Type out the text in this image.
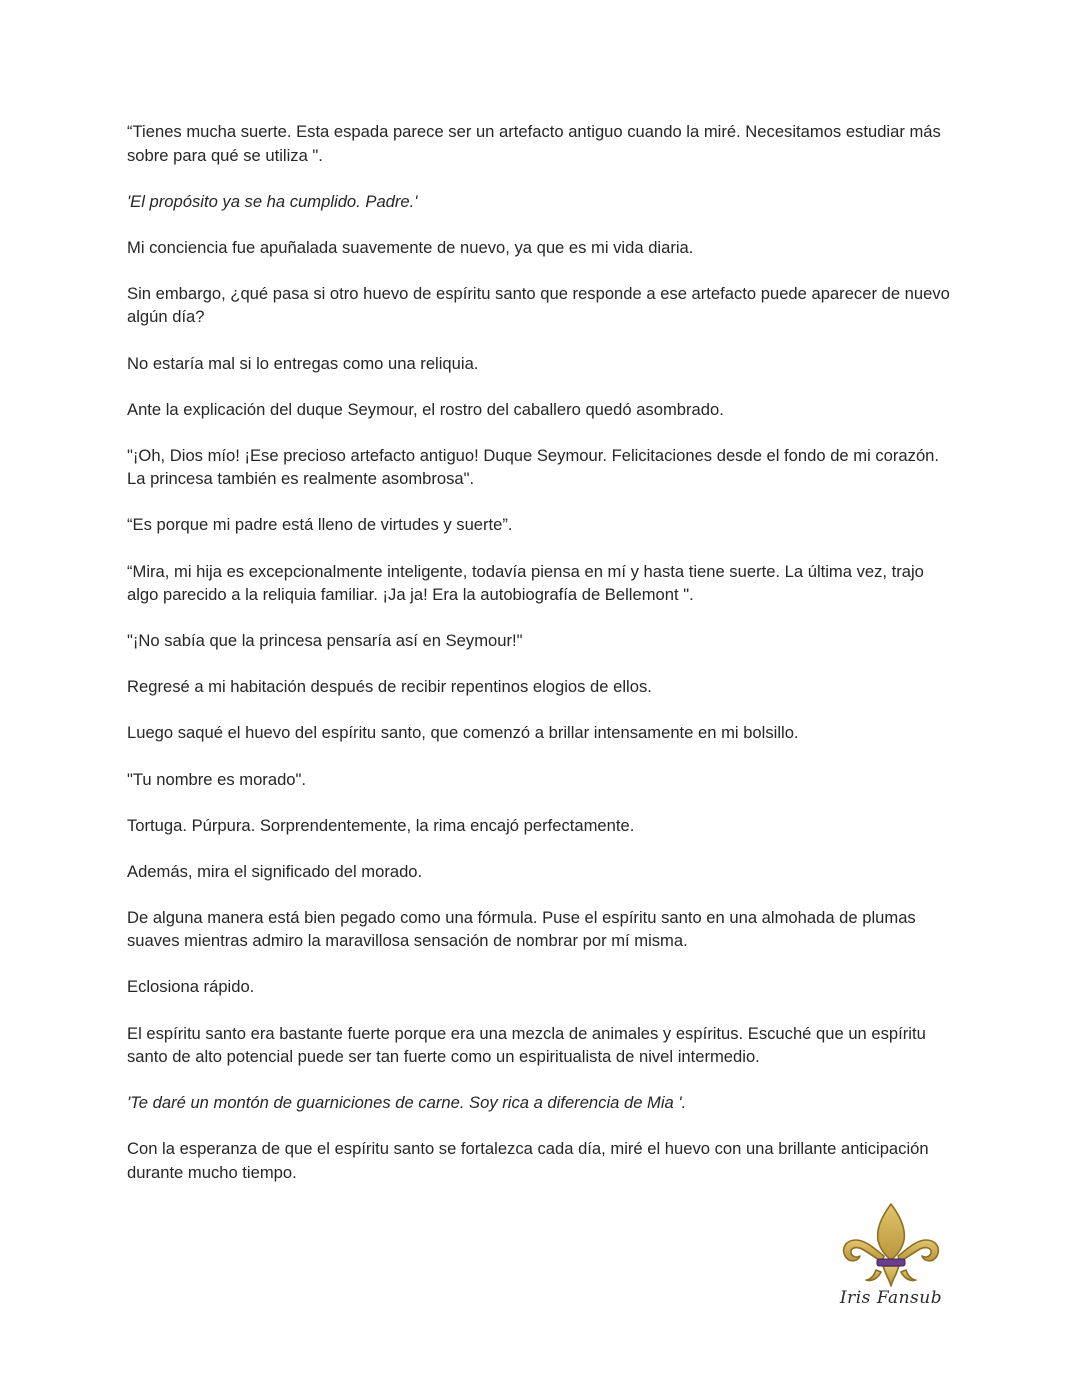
“Tienes mucha suerte. Esta espada parece ser un artefacto antiguo cuando la miré. Necesitamos estudiar más sobre para qué se utiliza ".

'El propósito ya se ha cumplido. Padre.'

Mi conciencia fue apuñalada suavemente de nuevo, ya que es mi vida diaria.

Sin embargo, ¿qué pasa si otro huevo de espíritu santo que responde a ese artefacto puede aparecer de nuevo algún día?

No estaría mal si lo entregas como una reliquia.

Ante la explicación del duque Seymour, el rostro del caballero quedó asombrado.

"¡Oh, Dios mío! ¡Ese precioso artefacto antiguo! Duque Seymour. Felicitaciones desde el fondo de mi corazón. La princesa también es realmente asombrosa".

“Es porque mi padre está lleno de virtudes y suerte”.

“Mira, mi hija es excepcionalmente inteligente, todavía piensa en mí y hasta tiene suerte. La última vez, trajo algo parecido a la reliquia familiar. ¡Ja ja! Era la autobiografía de Bellemont ".

"¡No sabía que la princesa pensaría así en Seymour!"

Regresé a mi habitación después de recibir repentinos elogios de ellos.

Luego saqué el huevo del espíritu santo, que comenzó a brillar intensamente en mi bolsillo.

"Tu nombre es morado".

Tortuga. Púrpura. Sorprendentemente, la rima encajó perfectamente.

Además, mira el significado del morado.

De alguna manera está bien pegado como una fórmula. Puse el espíritu santo en una almohada de plumas suaves mientras admiro la maravillosa sensación de nombrar por mí misma.

Eclosiona rápido.

El espíritu santo era bastante fuerte porque era una mezcla de animales y espíritus. Escuché que un espíritu santo de alto potencial puede ser tan fuerte como un espiritualista de nivel intermedio.

'Te daré un montón de guarniciones de carne. Soy rica a diferencia de Mia '.

Con la esperanza de que el espíritu santo se fortalezca cada día, miré el huevo con una brillante anticipación durante mucho tiempo.

Iris Fansub
